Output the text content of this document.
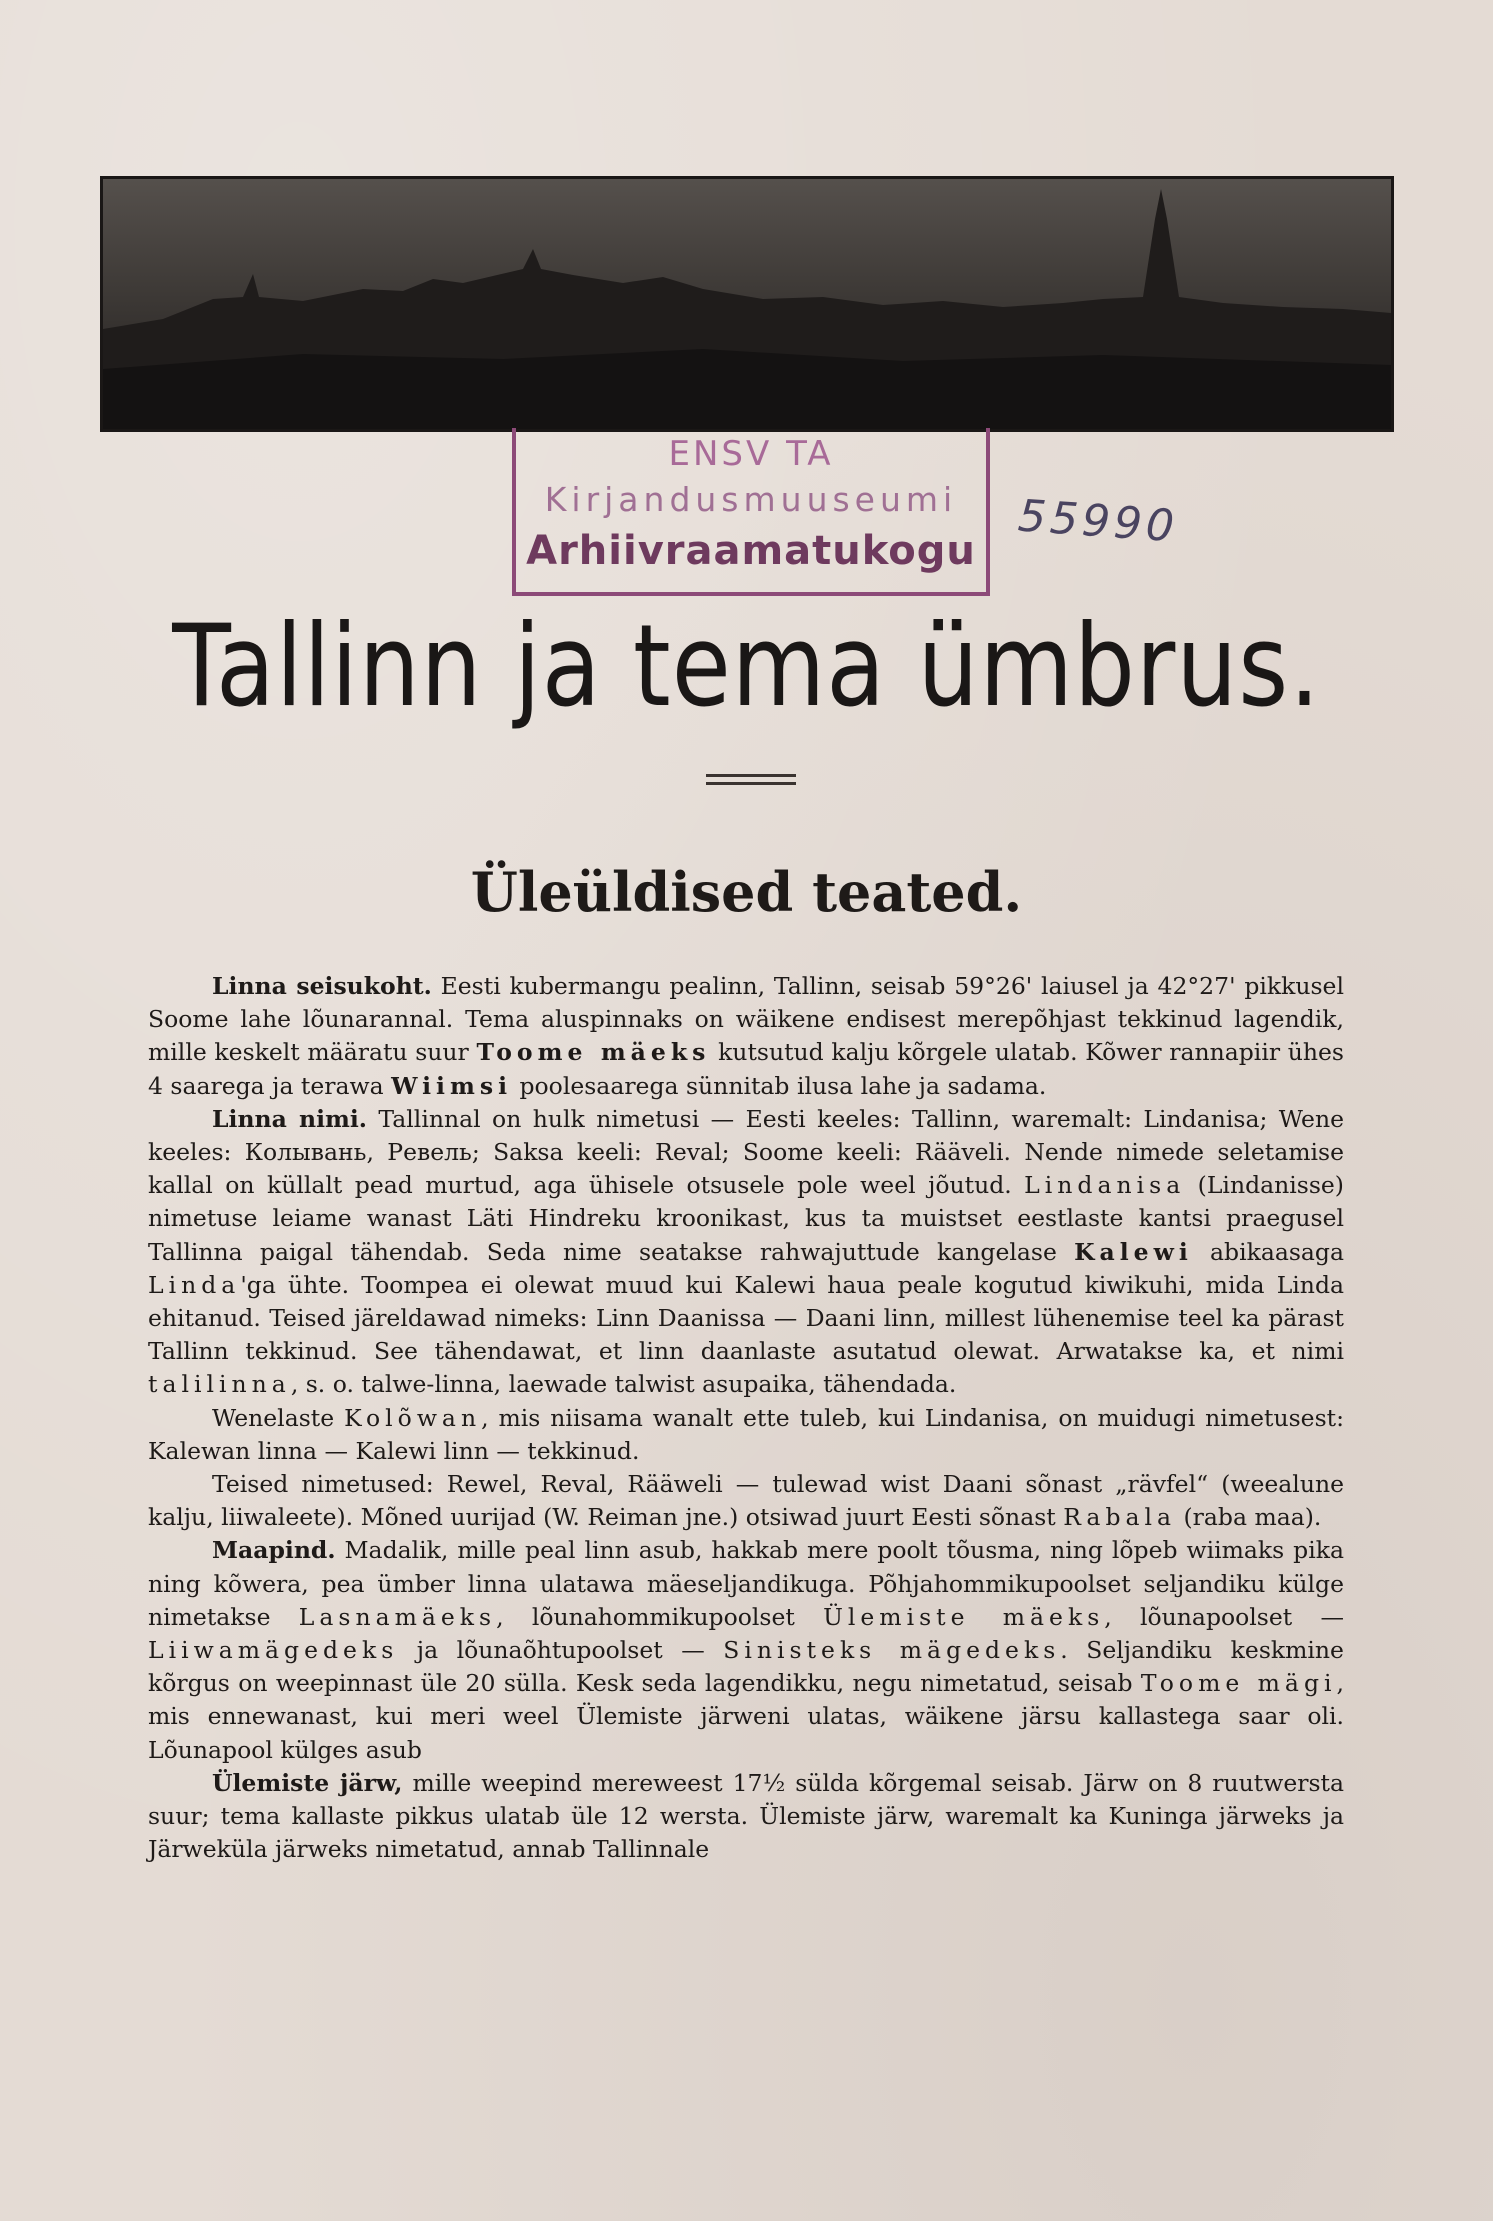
ENSV TA
Kirjandusmuuseumi
Arhiivraamatukogu 55990
Tallinn ja tema ümbrus.
Üleüldised teated.

Linna seisukoht. Eesti kubermangu pealinn, Tallinn, seisab 59°26' laiusel ja 42°27' pikkusel Soome lahe lõunarannal. Tema aluspinnaks on wäikene endisest merepõhjast tekkinud lagendik, mille keskelt määratu suur Toome mäeks kutsutud kalju kõrgele ulatab. Kõwer rannapiir ühes 4 saarega ja terawa Wiimsi poolesaarega sünnitab ilusa lahe ja sadama.

Linna nimi. Tallinnal on hulk nimetusi — Eesti keeles: Tallinn, waremalt: Lindanisa; Wene keeles: Колывань, Ревель; Saksa keeli: Reval; Soome keeli: Rääveli. Nende nimede seletamise kallal on küllalt pead murtud, aga ühisele otsusele pole weel jõutud. Lindanisa (Lindanisse) nimetuse leiame wanast Läti Hindreku kroonikast, kus ta muistset eestlaste kantsi praegusel Tallinna paigal tähendab. Seda nime seatakse rahwajuttude kangelase Kalewi abikaasaga Linda'ga ühte. Toompea ei olewat muud kui Kalewi haua peale kogutud kiwikuhi, mida Linda ehitanud. Teised järeldawad nimeks: Linn Daanissa — Daani linn, millest lühenemise teel ka pärast Tallinn tekkinud. See tähendawat, et linn daanlaste asutatud olewat. Arwatakse ka, et nimi talilinna, s. o. talwe-linna, laewade talwist asupaika, tähendada.

Wenelaste Kolõwan, mis niisama wanalt ette tuleb, kui Lindanisa, on muidugi nimetusest: Kalewan linna — Kalewi linn — tekkinud.

Teised nimetused: Rewel, Reval, Rääweli — tulewad wist Daani sõnast „rävfel“ (weealune kalju, liiwaleete). Mõned uurijad (W. Reiman jne.) otsiwad juurt Eesti sõnast Rabala (raba maa).

Maapind. Madalik, mille peal linn asub, hakkab mere poolt tõusma, ning lõpeb wiimaks pika ning kõwera, pea ümber linna ulatawa mäeseljandikuga. Põhjahommikupoolset seljandiku külge nimetakse Lasnamäeks, lõunahommikupoolset Ülemiste mäeks, lõunapoolset — Liiwamägedeks ja lõunaõhtupoolset — Sinisteks mägedeks. Seljandiku keskmine kõrgus on weepinnast üle 20 sülla. Kesk seda lagendikku, negu nimetatud, seisab Toome mägi, mis ennewanast, kui meri weel Ülemiste järweni ulatas, wäikene järsu kallastega saar oli. Lõunapool külges asub

Ülemiste järw, mille weepind mereweest 17½ sülda kõrgemal seisab. Järw on 8 ruutwersta suur; tema kallaste pikkus ulatab üle 12 wersta. Ülemiste järw, waremalt ka Kuninga järweks ja Järweküla järweks nimetatud, annab Tallinnale
